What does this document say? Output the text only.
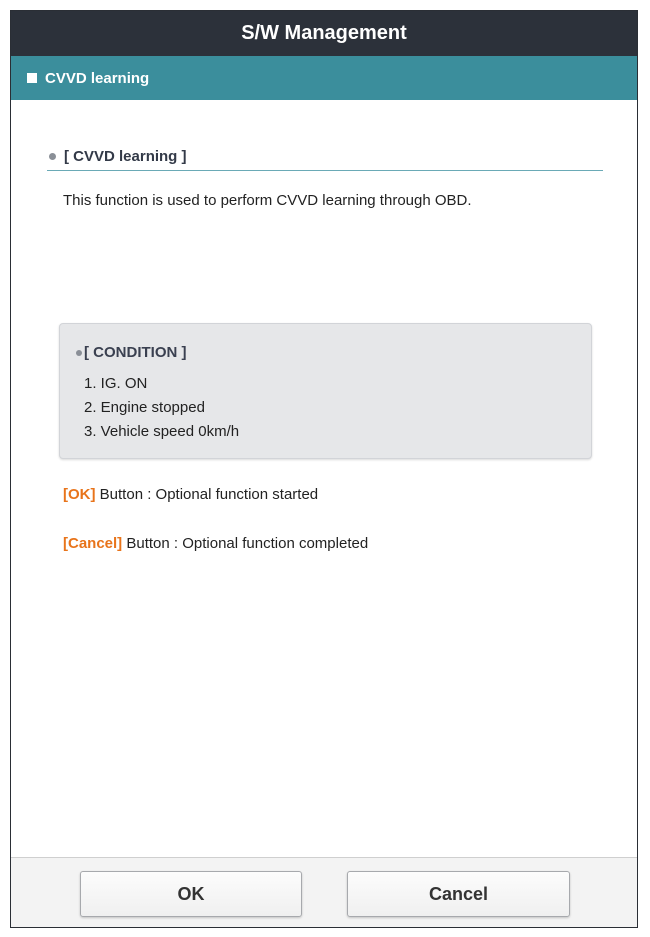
S/W Management
CVVD learning
[ CVVD learning ]
This function is used to perform CVVD learning through OBD.
[ CONDITION ]
1. IG. ON
2. Engine stopped
3. Vehicle speed 0km/h
[OK] Button : Optional function started
[Cancel] Button : Optional function completed
OK	Cancel
